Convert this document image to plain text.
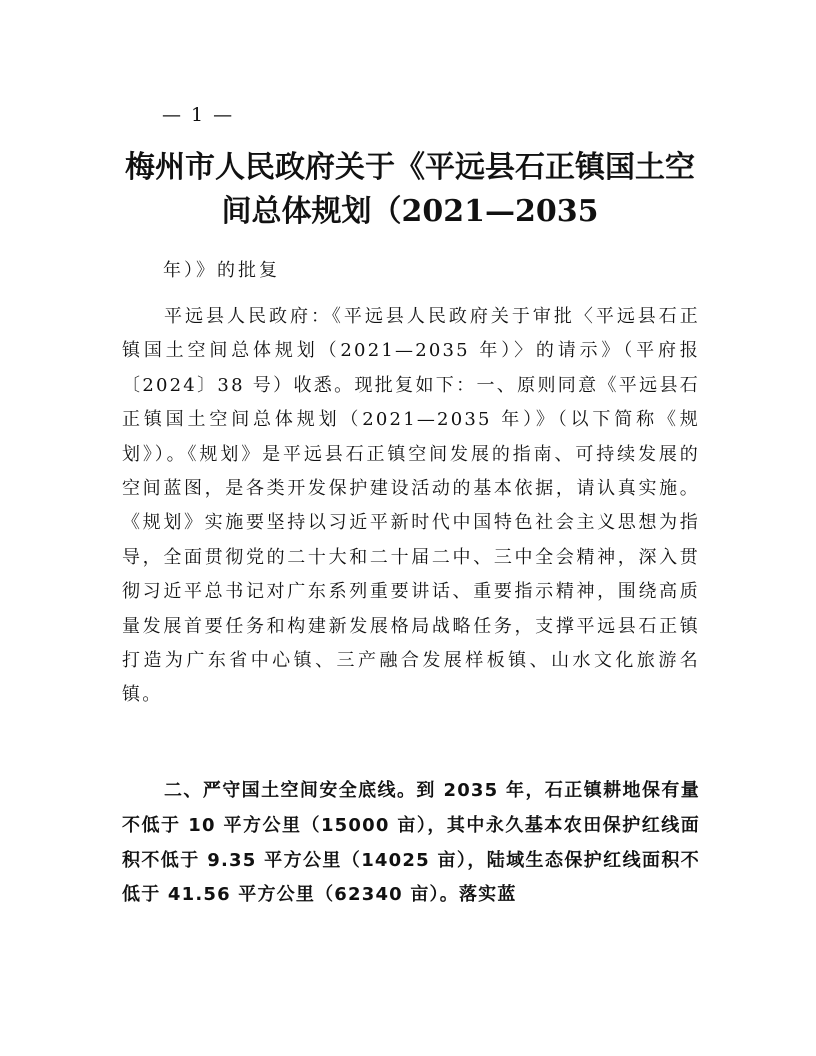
— 1 —
梅州市人民政府关于《平远县石正镇国土空
间总体规划（2021—2035
年）》的批复

平远县人民政府：《平远县人民政府关于审批〈平远县石正镇国土空间总体规划（2021—2035 年）〉的请示》（平府报〔2024〕38 号）收悉。现批复如下：一、原则同意《平远县石正镇国土空间总体规划（2021—2035 年）》（以下简称《规划》）。《规划》是平远县石正镇空间发展的指南、可持续发展的空间蓝图，是各类开发保护建设活动的基本依据，请认真实施。《规划》实施要坚持以习近平新时代中国特色社会主义思想为指导，全面贯彻党的二十大和二十届二中、三中全会精神，深入贯彻习近平总书记对广东系列重要讲话、重要指示精神，围绕高质量发展首要任务和构建新发展格局战略任务，支撑平远县石正镇打造为广东省中心镇、三产融合发展样板镇、山水文化旅游名镇。

二、严守国土空间安全底线。到 2035 年，石正镇耕地保有量不低于 10 平方公里（15000 亩），其中永久基本农田保护红线面积不低于 9.35 平方公里（14025 亩），陆域生态保护红线面积不低于 41.56 平方公里（62340 亩）。落实蓝
